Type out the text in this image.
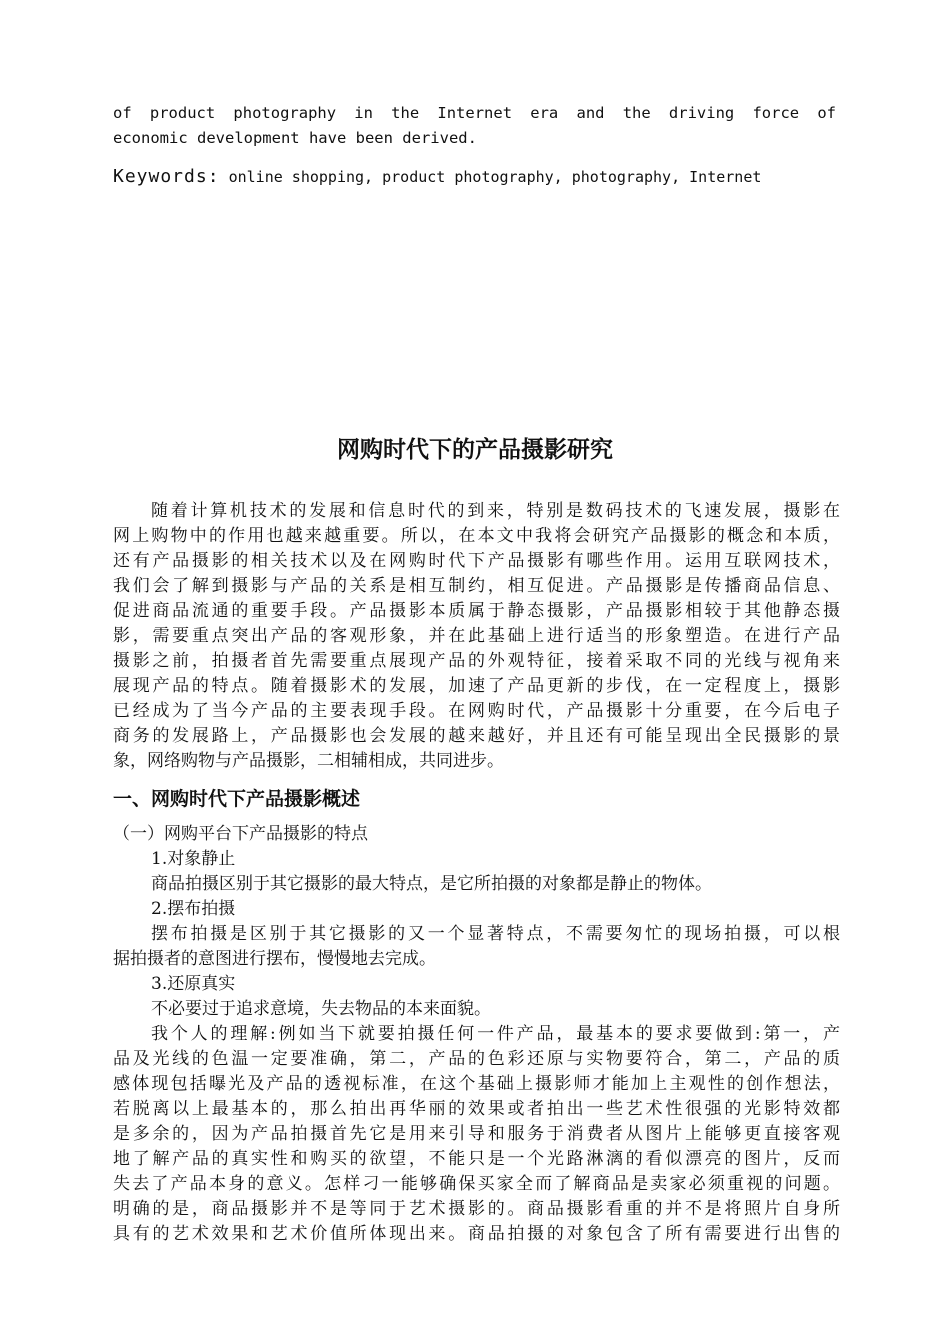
of product photography in the Internet era and the driving force of
economic development have been derived.
Keywords: online shopping, product photography, photography, Internet
网购时代下的产品摄影研究
随着计算机技术的发展和信息时代的到来，特别是数码技术的飞速发展，摄影在
网上购物中的作用也越来越重要。所以，在本文中我将会研究产品摄影的概念和本质，
还有产品摄影的相关技术以及在网购时代下产品摄影有哪些作用。运用互联网技术，
我们会了解到摄影与产品的关系是相互制约，相互促进。产品摄影是传播商品信息、
促进商品流通的重要手段。产品摄影本质属于静态摄影，产品摄影相较于其他静态摄
影，需要重点突出产品的客观形象，并在此基础上进行适当的形象塑造。在进行产品
摄影之前，拍摄者首先需要重点展现产品的外观特征，接着采取不同的光线与视角来
展现产品的特点。随着摄影术的发展，加速了产品更新的步伐，在一定程度上，摄影
已经成为了当今产品的主要表现手段。在网购时代，产品摄影十分重要，在今后电子
商务的发展路上，产品摄影也会发展的越来越好，并且还有可能呈现出全民摄影的景
象，网络购物与产品摄影，二相辅相成，共同进步。
一、网购时代下产品摄影概述
（一）网购平台下产品摄影的特点
1.对象静止
商品拍摄区别于其它摄影的最大特点，是它所拍摄的对象都是静止的物体。
2.摆布拍摄
摆布拍摄是区别于其它摄影的又一个显著特点，不需要匆忙的现场拍摄，可以根
据拍摄者的意图进行摆布，慢慢地去完成。
3.还原真实
不必要过于追求意境，失去物品的本来面貌。
我个人的理解:例如当下就要拍摄任何一件产品，最基本的要求要做到:第一，产
品及光线的色温一定要准确，第二，产品的色彩还原与实物要符合，第二，产品的质
感体现包括曝光及产品的透视标准，在这个基础上摄影师才能加上主观性的创作想法，
若脱离以上最基本的，那么拍出再华丽的效果或者拍出一些艺术性很强的光影特效都
是多余的，因为产品拍摄首先它是用来引导和服务于消费者从图片上能够更直接客观
地了解产品的真实性和购买的欲望，不能只是一个光路淋漓的看似漂亮的图片，反而
失去了产品本身的意义。怎样刁一能够确保买家全而了解商品是卖家必须重视的问题。
明确的是，商品摄影并不是等同于艺术摄影的。商品摄影看重的并不是将照片自身所
具有的艺术效果和艺术价值所体现出来。商品拍摄的对象包含了所有需要进行出售的
